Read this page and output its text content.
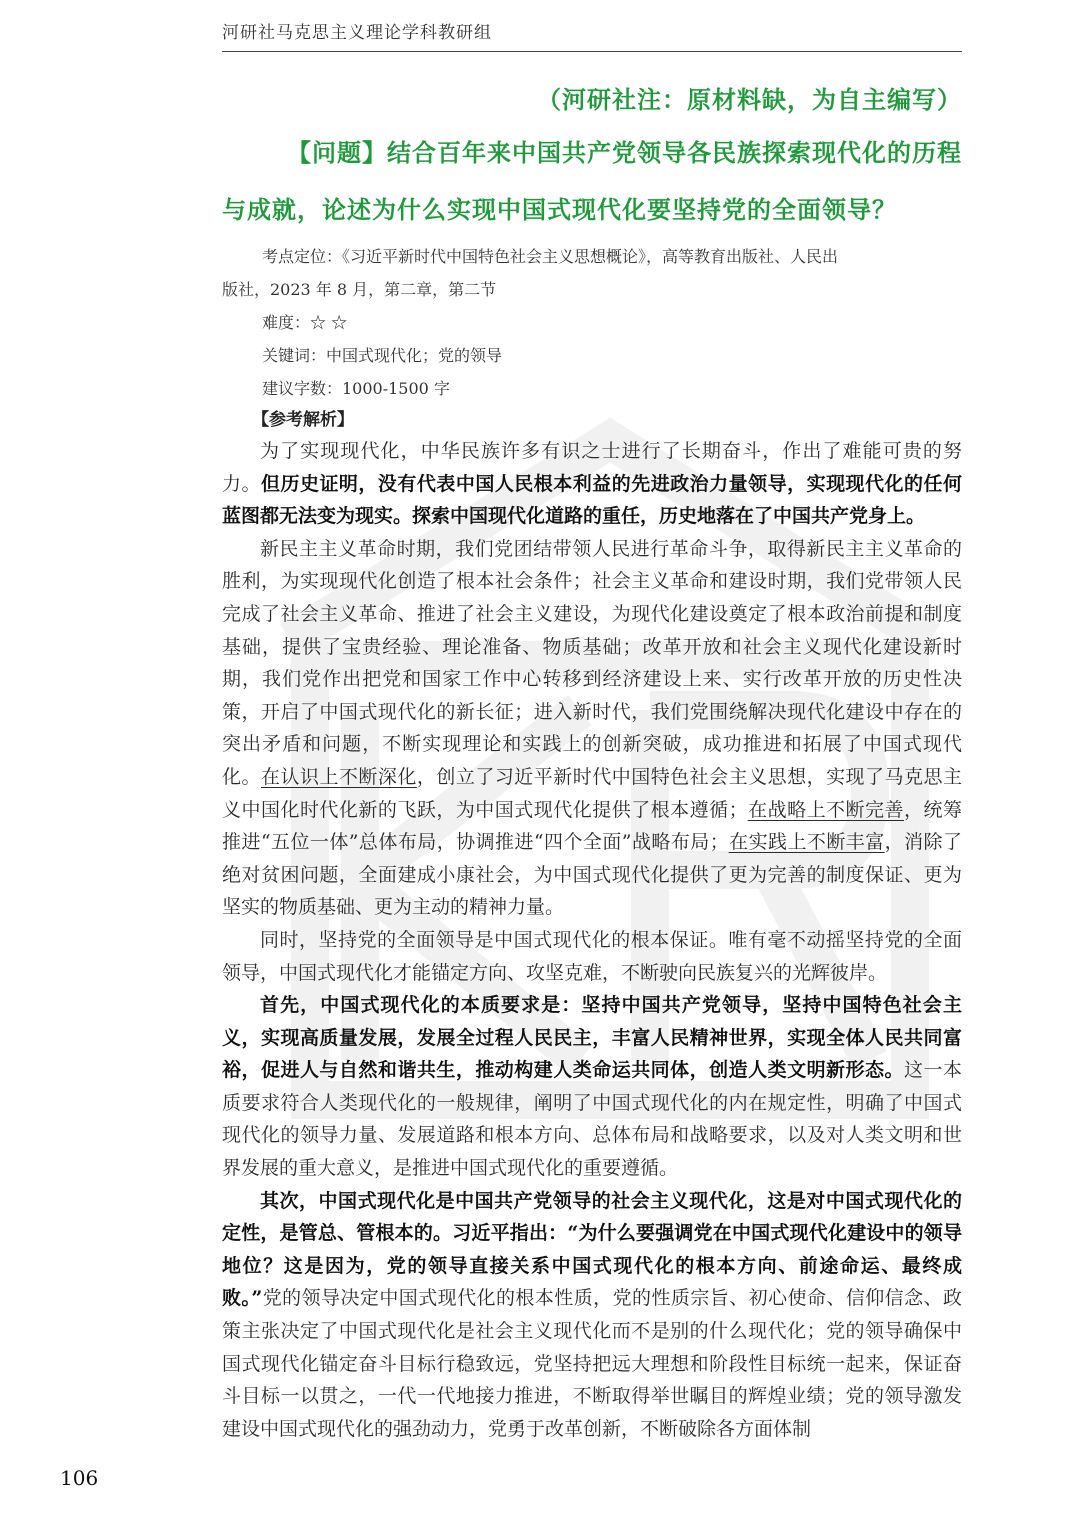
河研社马克思主义理论学科教研组
（河研社注：原材料缺，为自主编写）
【问题】结合百年来中国共产党领导各民族探索现代化的历程
与成就，论述为什么实现中国式现代化要坚持党的全面领导？
考点定位：《习近平新时代中国特色社会主义思想概论》，高等教育出版社、人民出
版社，2023 年 8 月，第二章，第二节
难度：☆ ☆
关键词：中国式现代化；党的领导
建议字数：1000-1500 字
【参考解析】

为了实现现代化，中华民族许多有识之士进行了长期奋斗，作出了难能可贵的努力。但历史证明，没有代表中国人民根本利益的先进政治力量领导，实现现代化的任何蓝图都无法变为现实。探索中国现代化道路的重任，历史地落在了中国共产党身上。

新民主主义革命时期，我们党团结带领人民进行革命斗争，取得新民主主义革命的胜利，为实现现代化创造了根本社会条件；社会主义革命和建设时期，我们党带领人民完成了社会主义革命、推进了社会主义建设，为现代化建设奠定了根本政治前提和制度基础，提供了宝贵经验、理论准备、物质基础；改革开放和社会主义现代化建设新时期，我们党作出把党和国家工作中心转移到经济建设上来、实行改革开放的历史性决策，开启了中国式现代化的新长征；进入新时代，我们党围绕解决现代化建设中存在的突出矛盾和问题，不断实现理论和实践上的创新突破，成功推进和拓展了中国式现代化。在认识上不断深化，创立了习近平新时代中国特色社会主义思想，实现了马克思主义中国化时代化新的飞跃，为中国式现代化提供了根本遵循；在战略上不断完善，统筹推进“五位一体”总体布局，协调推进“四个全面”战略布局；在实践上不断丰富，消除了绝对贫困问题，全面建成小康社会，为中国式现代化提供了更为完善的制度保证、更为坚实的物质基础、更为主动的精神力量。

同时，坚持党的全面领导是中国式现代化的根本保证。唯有毫不动摇坚持党的全面领导，中国式现代化才能锚定方向、攻坚克难，不断驶向民族复兴的光辉彼岸。

首先，中国式现代化的本质要求是：坚持中国共产党领导，坚持中国特色社会主义，实现高质量发展，发展全过程人民民主，丰富人民精神世界，实现全体人民共同富裕，促进人与自然和谐共生，推动构建人类命运共同体，创造人类文明新形态。这一本质要求符合人类现代化的一般规律，阐明了中国式现代化的内在规定性，明确了中国式现代化的领导力量、发展道路和根本方向、总体布局和战略要求，以及对人类文明和世界发展的重大意义，是推进中国式现代化的重要遵循。

其次，中国式现代化是中国共产党领导的社会主义现代化，这是对中国式现代化的定性，是管总、管根本的。习近平指出：“为什么要强调党在中国式现代化建设中的领导地位？这是因为，党的领导直接关系中国式现代化的根本方向、前途命运、最终成败。”党的领导决定中国式现代化的根本性质，党的性质宗旨、初心使命、信仰信念、政策主张决定了中国式现代化是社会主义现代化而不是别的什么现代化；党的领导确保中国式现代化锚定奋斗目标行稳致远，党坚持把远大理想和阶段性目标统一起来，保证奋斗目标一以贯之，一代一代地接力推进，不断取得举世瞩目的辉煌业绩；党的领导激发建设中国式现代化的强劲动力，党勇于改革创新，不断破除各方面体制

106
